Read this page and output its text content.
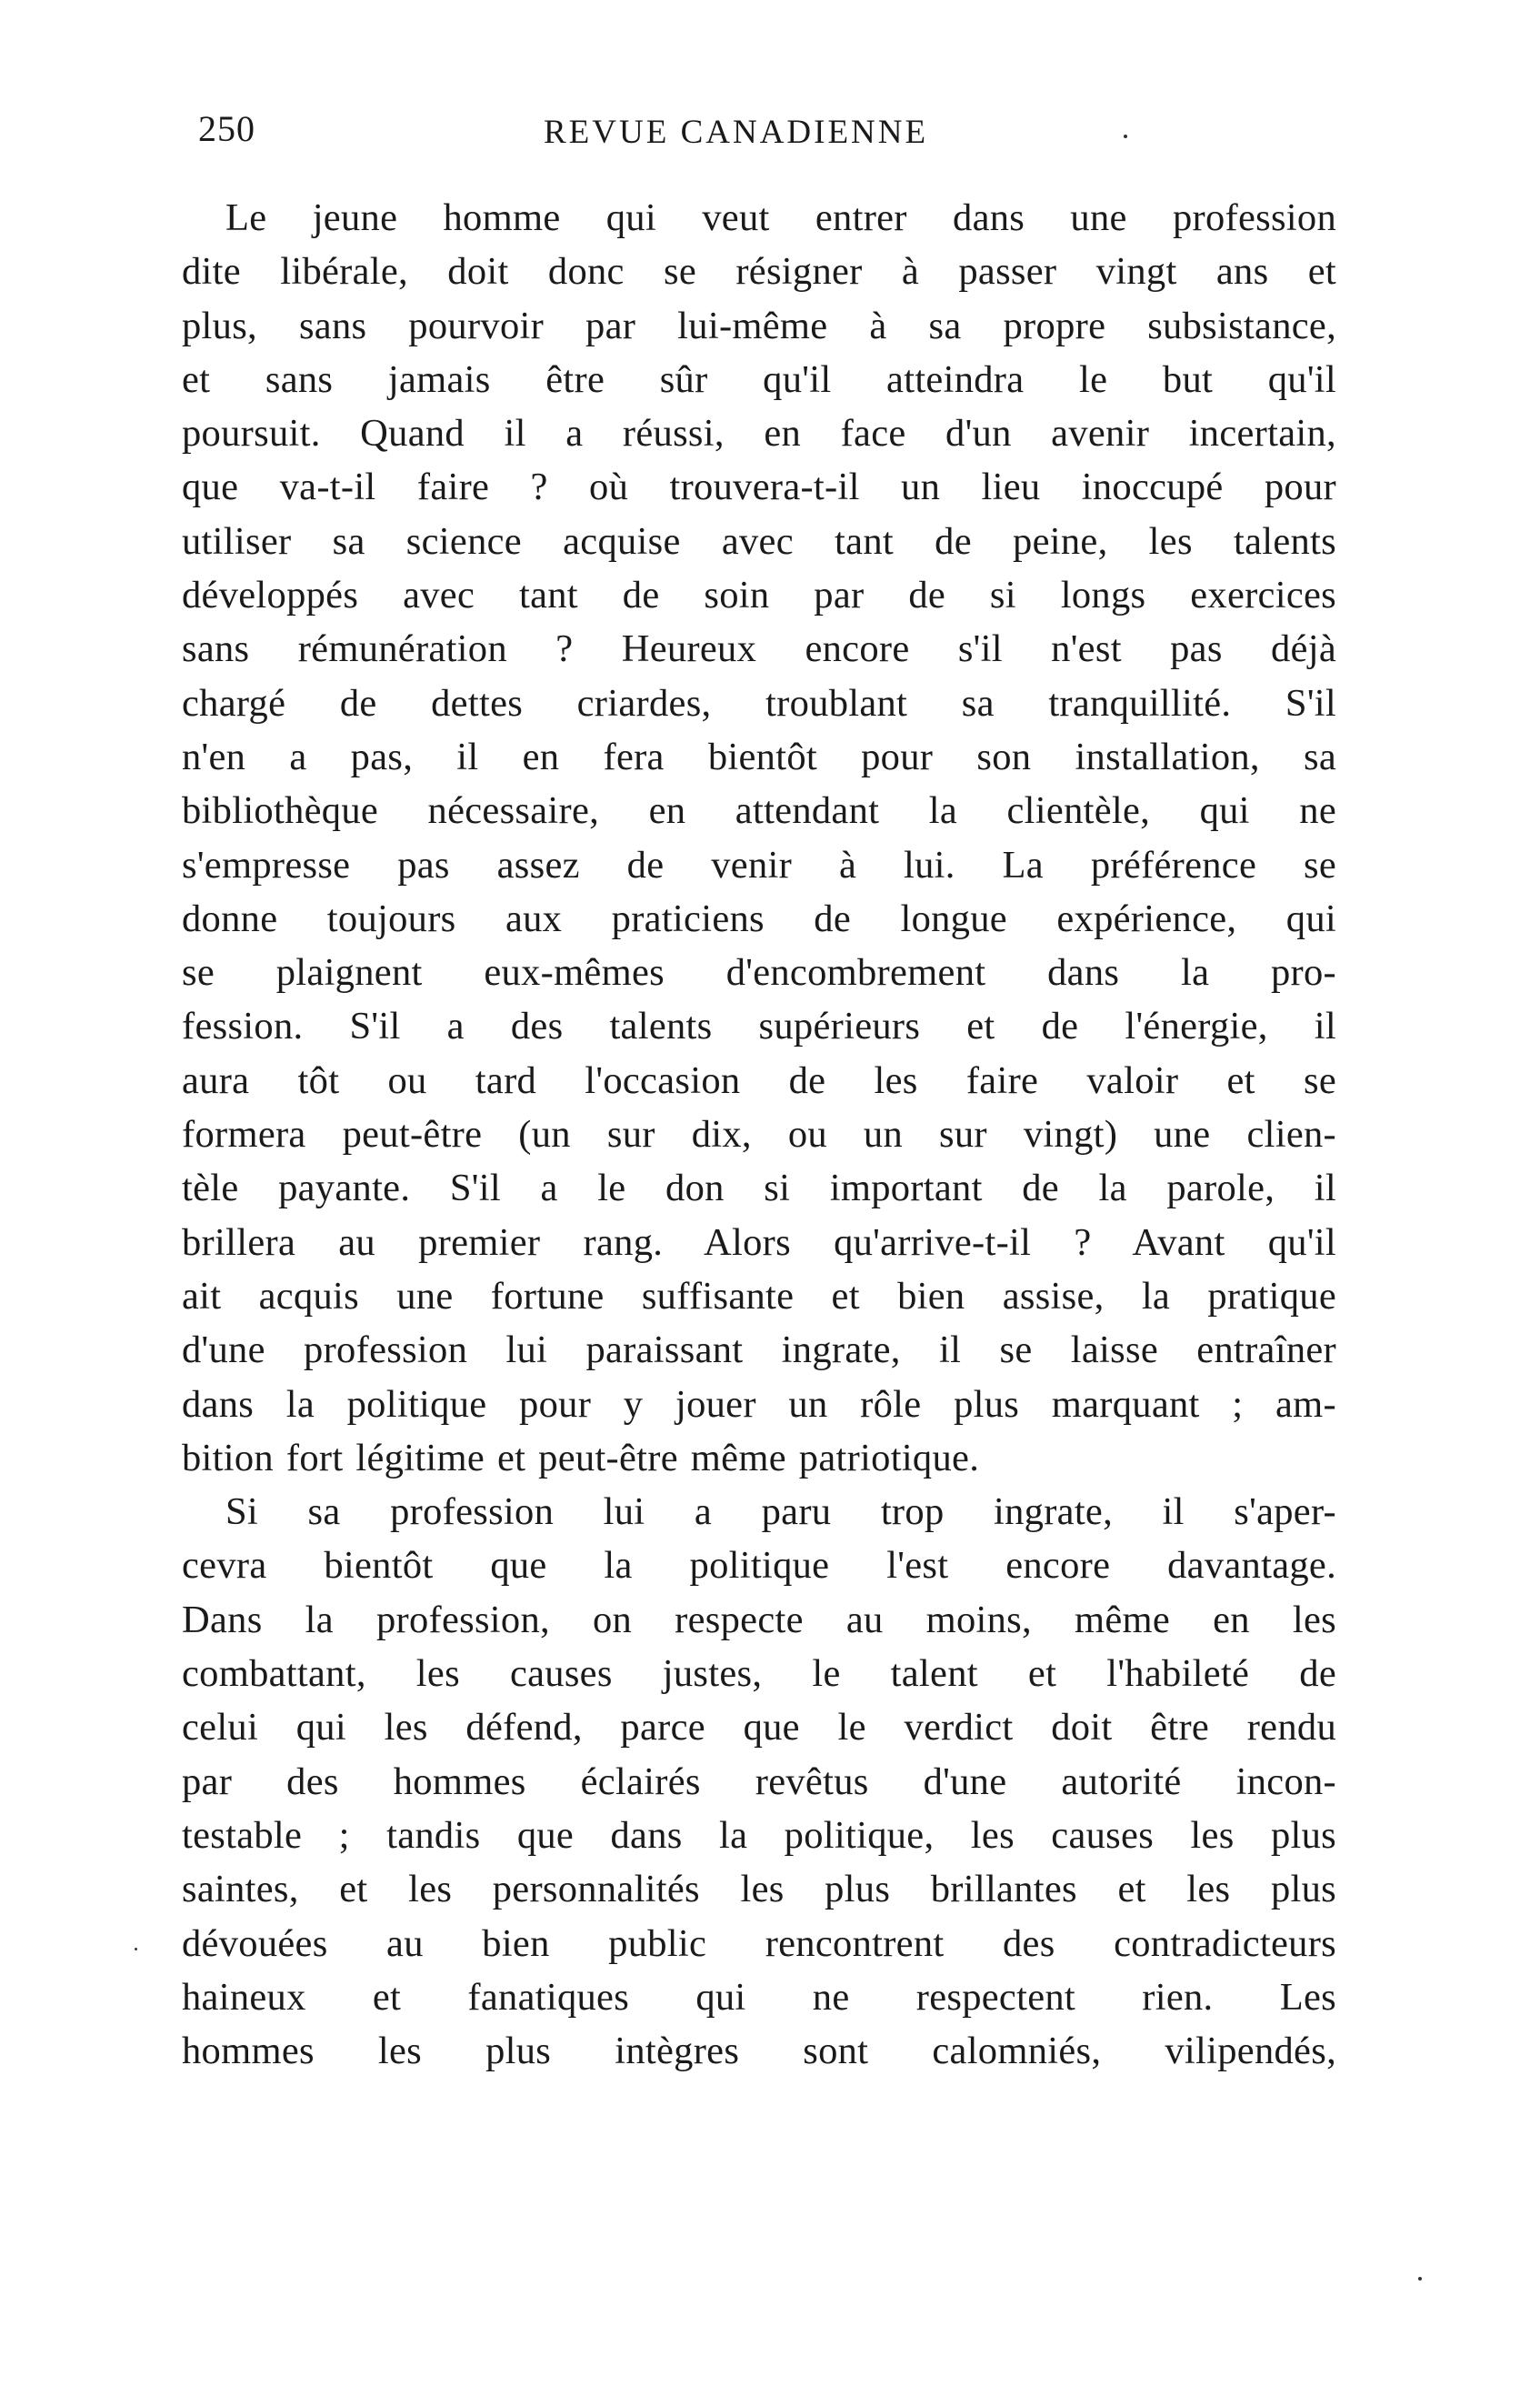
250	REVUE CANADIENNE
Le jeune homme qui veut entrer dans une profession
dite libérale, doit donc se résigner à passer vingt ans et
plus, sans pourvoir par lui-même à sa propre subsistance,
et sans jamais être sûr qu'il atteindra le but qu'il
poursuit. Quand il a réussi, en face d'un avenir incertain,
que va-t-il faire ? où trouvera-t-il un lieu inoccupé pour
utiliser sa science acquise avec tant de peine, les talents
développés avec tant de soin par de si longs exercices
sans rémunération ? Heureux encore s'il n'est pas déjà
chargé de dettes criardes, troublant sa tranquillité. S'il
n'en a pas, il en fera bientôt pour son installation, sa
bibliothèque nécessaire, en attendant la clientèle, qui ne
s'empresse pas assez de venir à lui. La préférence se
donne toujours aux praticiens de longue expérience, qui
se plaignent eux-mêmes d'encombrement dans la pro-
fession. S'il a des talents supérieurs et de l'énergie, il
aura tôt ou tard l'occasion de les faire valoir et se
formera peut-être (un sur dix, ou un sur vingt) une clien-
tèle payante. S'il a le don si important de la parole, il
brillera au premier rang. Alors qu'arrive-t-il ? Avant qu'il
ait acquis une fortune suffisante et bien assise, la pratique
d'une profession lui paraissant ingrate, il se laisse entraîner
dans la politique pour y jouer un rôle plus marquant ; am-
bition fort légitime et peut-être même patriotique.
Si sa profession lui a paru trop ingrate, il s'aper-
cevra bientôt que la politique l'est encore davantage.
Dans la profession, on respecte au moins, même en les
combattant, les causes justes, le talent et l'habileté de
celui qui les défend, parce que le verdict doit être rendu
par des hommes éclairés revêtus d'une autorité incon-
testable ; tandis que dans la politique, les causes les plus
saintes, et les personnalités les plus brillantes et les plus
dévouées au bien public rencontrent des contradicteurs
haineux et fanatiques qui ne respectent rien. Les
hommes les plus intègres sont calomniés, vilipendés,
